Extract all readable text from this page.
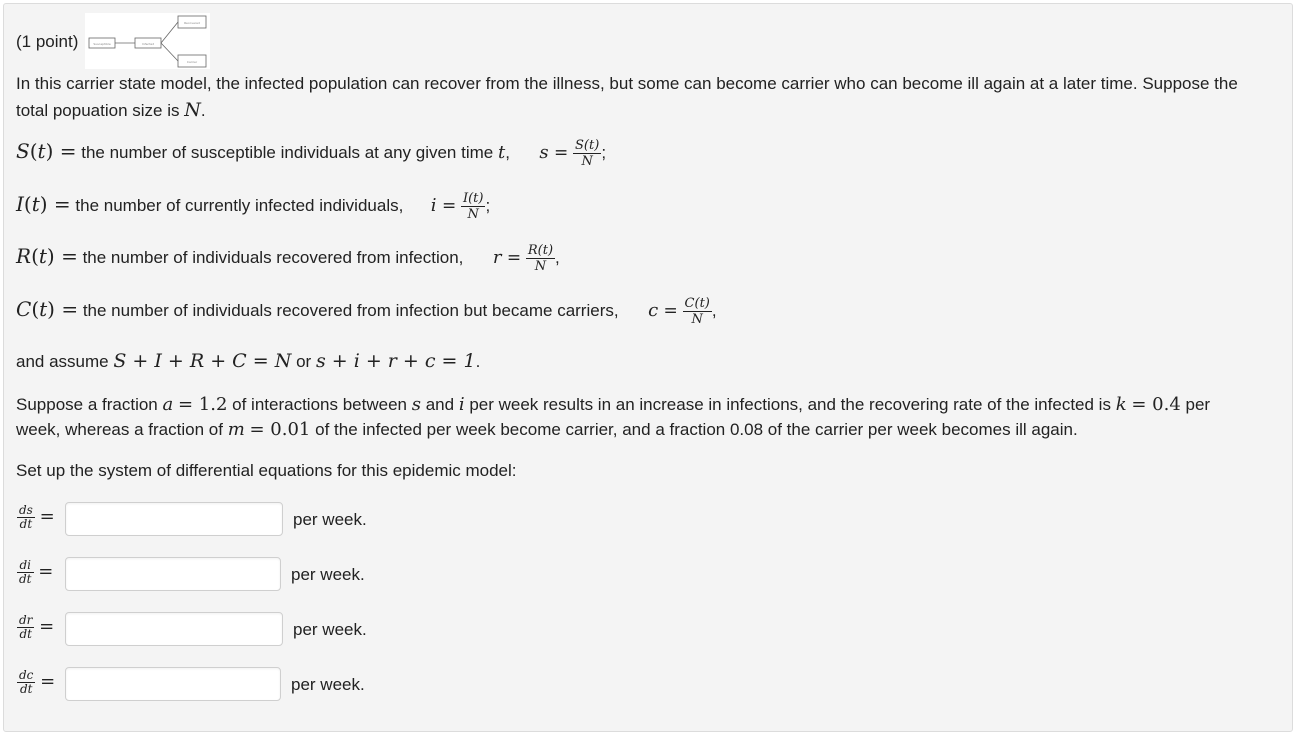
(1 point)	Susceptible	Infected
Recovered
Carrier
In this carrier state model, the infected population can recover from the illness, but some can become carrier who can become ill again at a later time. Suppose the
total popuation size is N.
S(t) = the number of susceptible individuals at any given time t,  $s = \frac{S(t)}{N}$ ;
I(t) = the number of currently infected individuals, $i = \frac{I(t)}{N}$ ;
R(t) = the number of individuals recovered from infection, $r = \frac{R(t)}{N}$ ,
C(t) = the number of individuals recovered from infection but became carriers, $c = \frac{C(t)}{N}$ ,
and assume S + I + R + C = N or s + i + r + c = 1.
Suppose a fraction a = 1.2 of interactions between s and i per week results in an increase in infections, and the recovering rate of the infected is k = 0.4 per
week, whereas a fraction of m = 0.01 of the infected per week become carrier, and a fraction 0.08 of the carrier per week becomes ill again.
Set up the system of differential equations for this epidemic model:
$\frac{ds}{dt}$ =	per week.
$\frac{di}{dt}$ =	per week.
$\frac{dr}{dt}$ =	per week.
$\frac{dc}{dt}$ =	per week.
